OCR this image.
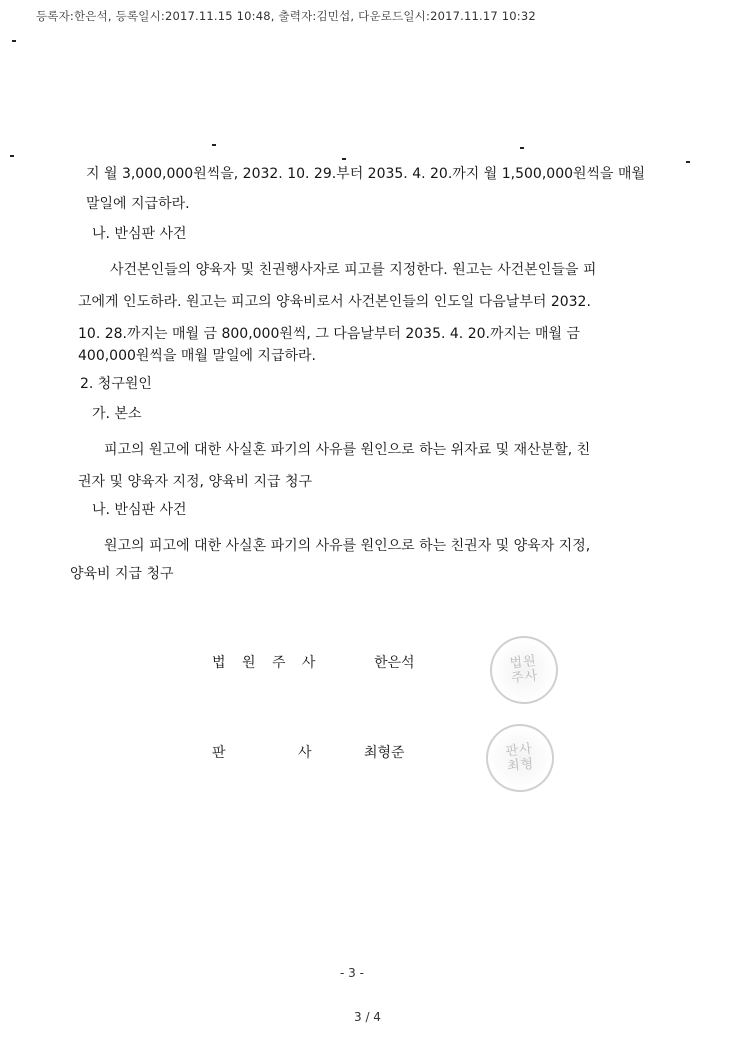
등록자:한은석, 등록일시:2017.11.15 10:48, 출력자:김민섭, 다운로드일시:2017.11.17 10:32
지 월 3,000,000원씩을, 2032. 10. 29.부터 2035. 4. 20.까지 월 1,500,000원씩을 매월
말일에 지급하라.
나. 반심판 사건
사건본인들의 양육자 및 친권행사자로 피고를 지정한다. 원고는 사건본인들을 피
고에게 인도하라. 원고는 피고의 양육비로서 사건본인들의 인도일 다음날부터 2032.
10. 28.까지는 매월 금 800,000원씩, 그 다음날부터 2035. 4. 20.까지는 매월 금
400,000원씩을 매월 말일에 지급하라.
2. 청구원인
가. 본소
피고의 원고에 대한 사실혼 파기의 사유를 원인으로 하는 위자료 및 재산분할, 친
권자 및 양육자 지정, 양육비 지급 청구
나. 반심판 사건
원고의 피고에 대한 사실혼 파기의 사유를 원인으로 하는 친권자 및 양육자 지정,
양육비 지급 청구
법 원 주 사	한은석	법원주사
판	사	최형준	판사최형
- 3 -
3 / 4
